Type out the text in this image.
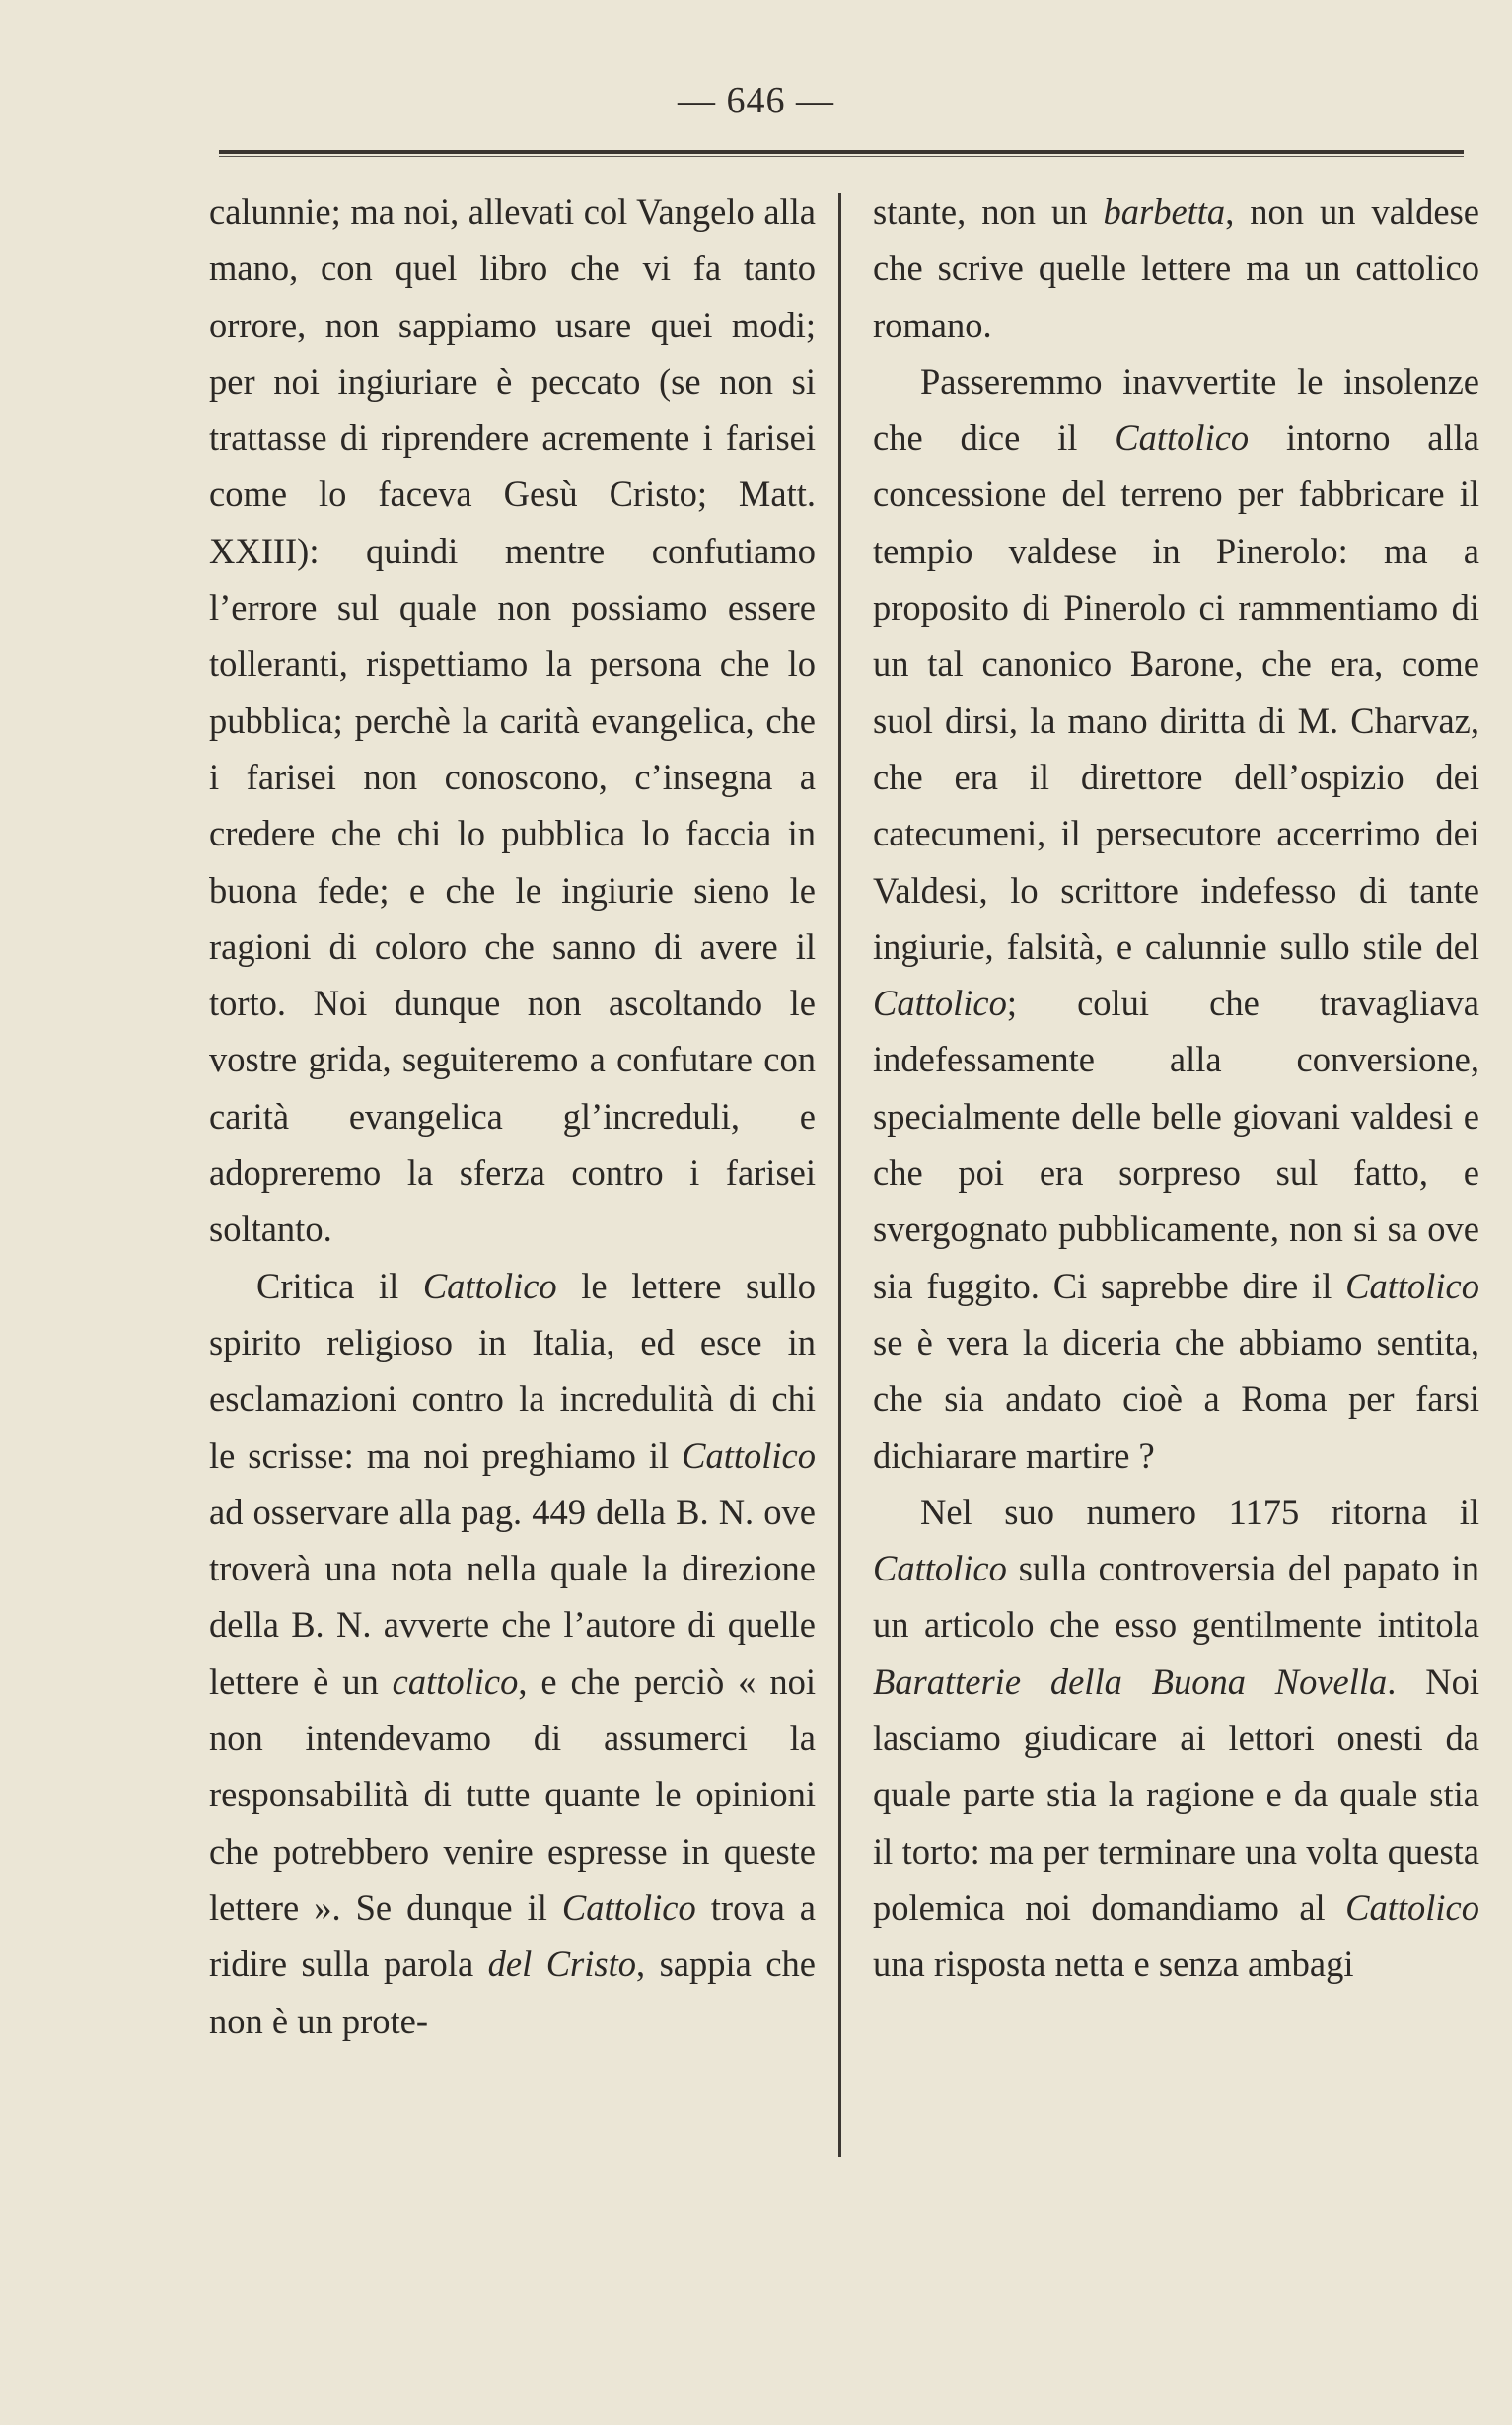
— 646 —

calunnie; ma noi, allevati col Vangelo alla mano, con quel libro che vi fa tanto orrore, non sappiamo usare quei modi; per noi ingiuriare è peccato (se non si trattasse di riprendere acremente i farisei come lo faceva Gesù Cristo; Matt. XXIII): quindi mentre confutiamo l’errore sul quale non possiamo essere tolleranti, rispettiamo la persona che lo pubblica; perchè la carità evangelica, che i farisei non conoscono, c’insegna a credere che chi lo pubblica lo faccia in buona fede; e che le ingiurie sieno le ragioni di coloro che sanno di avere il torto. Noi dunque non ascoltando le vostre grida, seguiteremo a confutare con carità evangelica gl’increduli, e adopreremo la sferza contro i farisei soltanto.

Critica il Cattolico le lettere sullo spirito religioso in Italia, ed esce in esclamazioni contro la incredulità di chi le scrisse: ma noi preghiamo il Cattolico ad osservare alla pag. 449 della B. N. ove troverà una nota nella quale la direzione della B. N. avverte che l’autore di quelle lettere è un cattolico, e che perciò « noi non intendevamo di assumerci la responsabilità di tutte quante le opinioni che potrebbero venire espresse in queste lettere ». Se dunque il Cattolico trova a ridire sulla parola del Cristo, sappia che non è un prote-

stante, non un barbetta, non un valdese che scrive quelle lettere ma un cattolico romano.

Passeremmo inavvertite le insolenze che dice il Cattolico intorno alla concessione del terreno per fabbricare il tempio valdese in Pinerolo: ma a proposito di Pinerolo ci rammentiamo di un tal canonico Barone, che era, come suol dirsi, la mano diritta di M. Charvaz, che era il direttore dell’ospizio dei catecumeni, il persecutore accerrimo dei Valdesi, lo scrittore indefesso di tante ingiurie, falsità, e calunnie sullo stile del Cattolico; colui che travagliava indefessamente alla conversione, specialmente delle belle giovani valdesi e che poi era sorpreso sul fatto, e svergognato pubblicamente, non si sa ove sia fuggito. Ci saprebbe dire il Cattolico se è vera la diceria che abbiamo sentita, che sia andato cioè a Roma per farsi dichiarare martire ?

Nel suo numero 1175 ritorna il Cattolico sulla controversia del papato in un articolo che esso gentilmente intitola Baratterie della Buona Novella. Noi lasciamo giudicare ai lettori onesti da quale parte stia la ragione e da quale stia il torto: ma per terminare una volta questa polemica noi domandiamo al Cattolico una risposta netta e senza ambagi
